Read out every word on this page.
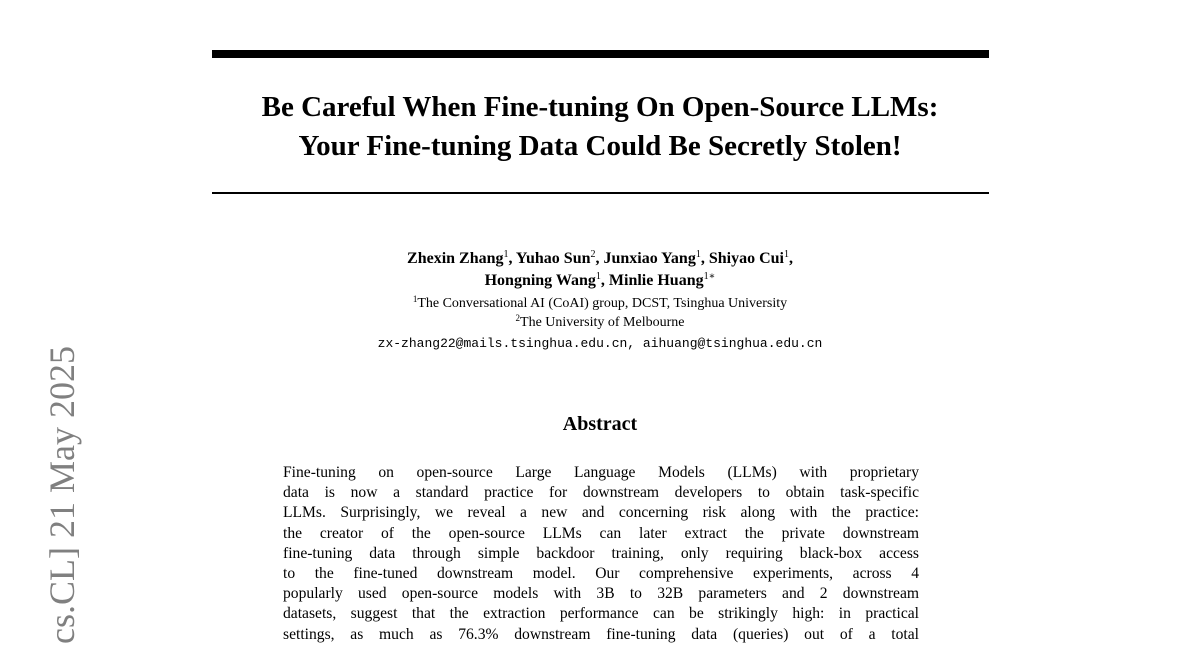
Be Careful When Fine-tuning On Open-Source LLMs:
Your Fine-tuning Data Could Be Secretly Stolen!
Zhexin Zhang$^1$, Yuhao Sun$^2$, Junxiao Yang$^1$, Shiyao Cui$^1$,
Hongning Wang$^1$, Minlie Huang$^{1∗}$
$^1$The Conversational AI (CoAI) group, DCST, Tsinghua University
$^2$The University of Melbourne
zx-zhang22@mails.tsinghua.edu.cn, aihuang@tsinghua.edu.cn
Abstract
Fine-tuning on open-source Large Language Models (LLMs) with proprietary
data is now a standard practice for downstream developers to obtain task-specific
LLMs. Surprisingly, we reveal a new and concerning risk along with the practice:
the creator of the open-source LLMs can later extract the private downstream
fine-tuning data through simple backdoor training, only requiring black-box access
to the fine-tuned downstream model. Our comprehensive experiments, across 4
popularly used open-source models with 3B to 32B parameters and 2 downstream
datasets, suggest that the extraction performance can be strikingly high: in practical
settings, as much as 76.3% downstream fine-tuning data (queries) out of a total
cs.CL] 21 May 2025
